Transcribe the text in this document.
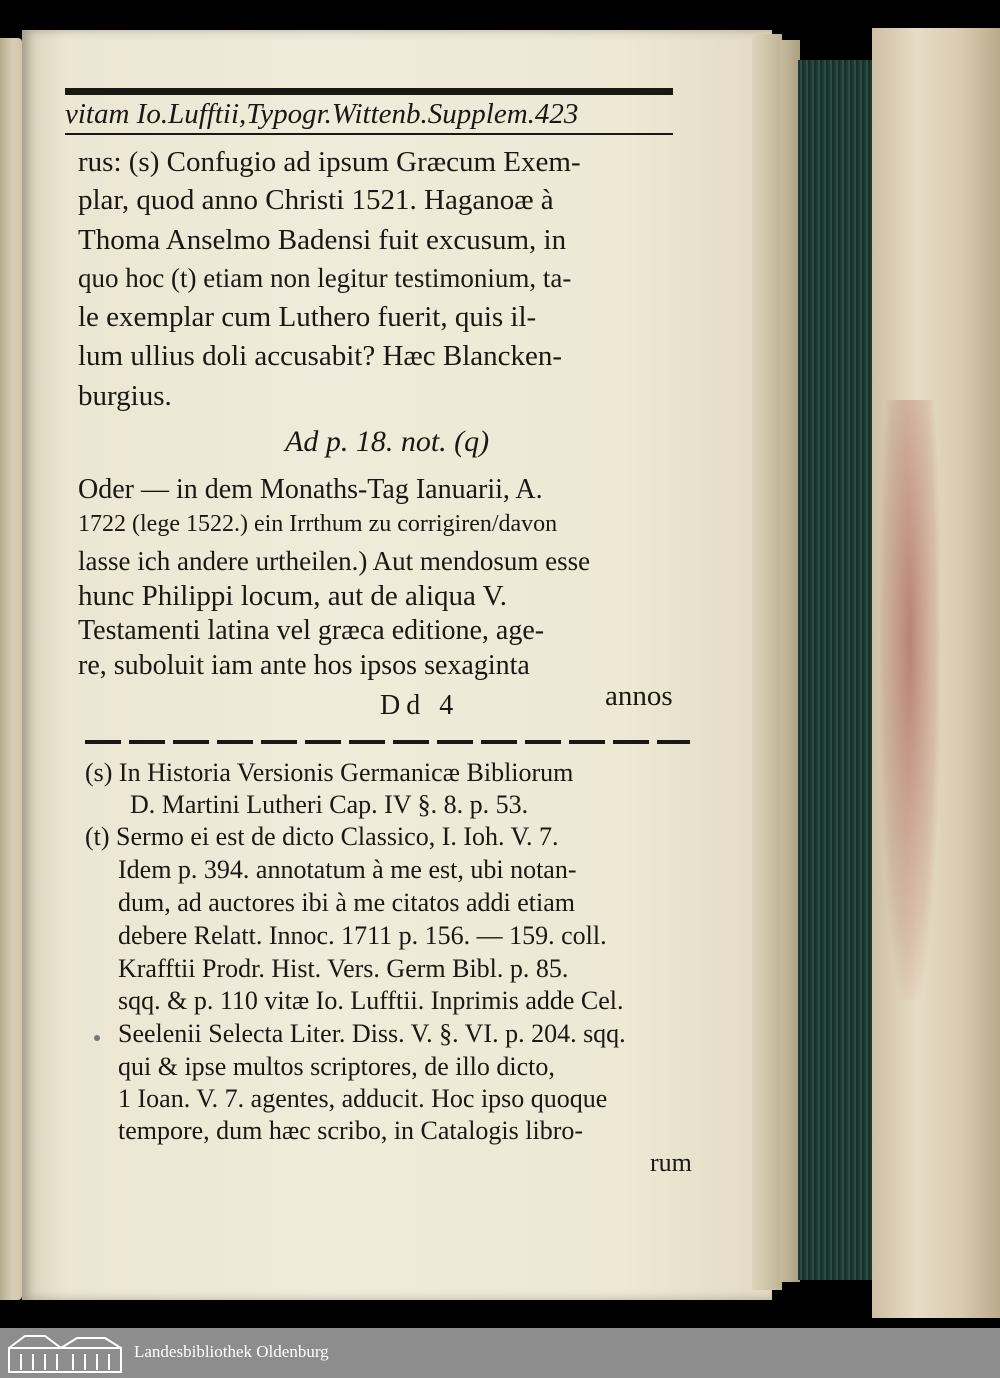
vitam Io.Lufftii,Typogr.Wittenb.Supplem.423
rus: (s) Confugio ad ipsum Græcum Exem-
plar, quod anno Christi 1521. Haganoæ à
Thoma Anselmo Badensi fuit excusum, in
quo hoc (t) etiam non legitur testimonium, ta-
le exemplar cum Luthero fuerit, quis il-
lum ullius doli accusabit? Hæc Blancken-
burgius.
Ad p. 18. not. (q)
Oder — in dem Monaths-Tag Ianuarii, A.
1722 (lege 1522.) ein Irrthum zu corrigiren/davon
lasse ich andere urtheilen.) Aut mendosum esse
hunc Philippi locum, aut de aliqua V.
Testamenti latina vel græca editione, age-
re, suboluit iam ante hos ipsos sexaginta
Dd 4	annos
(s) In Historia Versionis Germanicæ Bibliorum
D. Martini Lutheri Cap. IV §. 8. p. 53.
(t) Sermo ei est de dicto Classico, I. Ioh. V. 7.
Idem p. 394. annotatum à me est, ubi notan-
dum, ad auctores ibi à me citatos addi etiam
debere Relatt. Innoc. 1711 p. 156. — 159. coll.
Krafftii Prodr. Hist. Vers. Germ Bibl. p. 85.
sqq. & p. 110 vitæ Io. Lufftii. Inprimis adde Cel.
Seelenii Selecta Liter. Diss. V. §. VI. p. 204. sqq.
qui & ipse multos scriptores, de illo dicto,
1 Ioan. V. 7. agentes, adducit. Hoc ipso quoque
tempore, dum hæc scribo, in Catalogis libro-
rum
Landesbibliothek Oldenburg
